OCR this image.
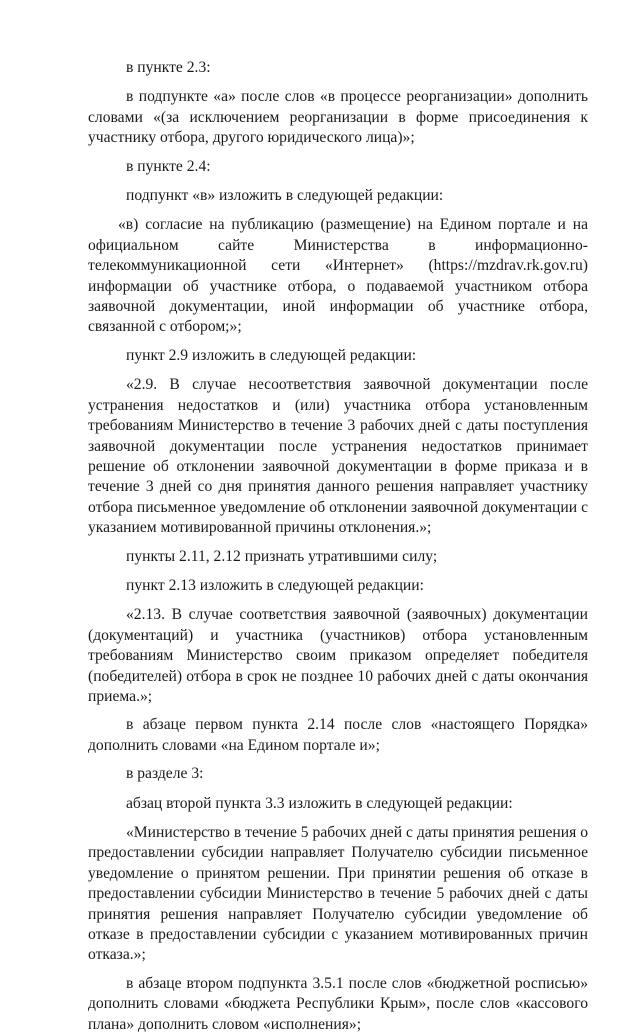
в пункте 2.3:

в подпункте «а» после слов «в процессе реорганизации» дополнить словами «(за исключением реорганизации в форме присоединения к участнику отбора, другого юридического лица)»;

в пункте 2.4:

подпункт «в» изложить в следующей редакции:

«в) согласие на публикацию (размещение) на Едином портале и на официальном сайте Министерства в информационно-телекоммуникационной сети «Интернет» (https://mzdrav.rk.gov.ru) информации об участнике отбора, о подаваемой участником отбора заявочной документации, иной информации об участнике отбора, связанной с отбором;»;

пункт 2.9 изложить в следующей редакции:

«2.9. В случае несоответствия заявочной документации после устранения недостатков и (или) участника отбора установленным требованиям Министерство в течение 3 рабочих дней с даты поступления заявочной документации после устранения недостатков принимает решение об отклонении заявочной документации в форме приказа и в течение 3 дней со дня принятия данного решения направляет участнику отбора письменное уведомление об отклонении заявочной документации с указанием мотивированной причины отклонения.»;

пункты 2.11, 2.12 признать утратившими силу;

пункт 2.13 изложить в следующей редакции:

«2.13. В случае соответствия заявочной (заявочных) документации (документаций) и участника (участников) отбора установленным требованиям Министерство своим приказом определяет победителя (победителей) отбора в срок не позднее 10 рабочих дней с даты окончания приема.»;

в абзаце первом пункта 2.14 после слов «настоящего Порядка» дополнить словами «на Едином портале и»;

в разделе 3:

абзац второй пункта 3.3 изложить в следующей редакции:

«Министерство в течение 5 рабочих дней с даты принятия решения о предоставлении субсидии направляет Получателю субсидии письменное уведомление о принятом решении. При принятии решения об отказе в предоставлении субсидии Министерство в течение 5 рабочих дней с даты принятия решения направляет Получателю субсидии уведомление об отказе в предоставлении субсидии с указанием мотивированных причин отказа.»;

в абзаце втором подпункта 3.5.1 после слов «бюджетной росписью» дополнить словами «бюджета Республики Крым», после слов «кассового плана» дополнить словом «исполнения»;
